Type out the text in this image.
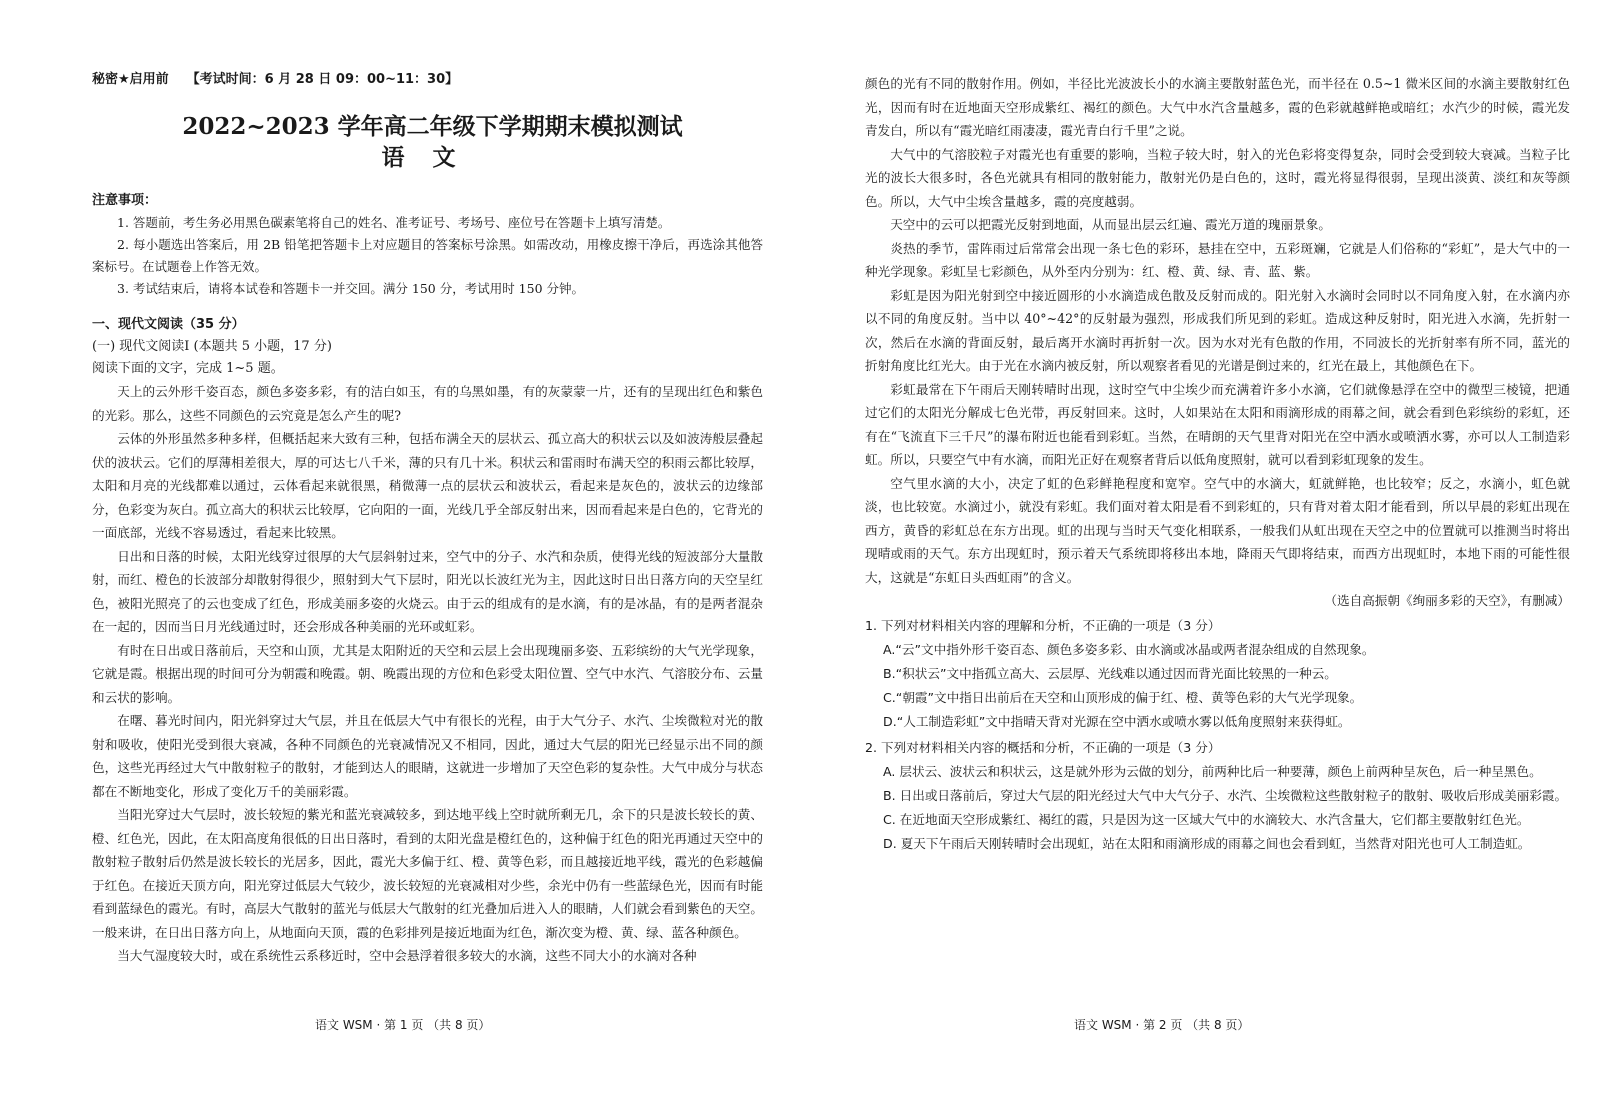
秘密★启用前 【考试时间：6 月 28 日 09：00~11：30】
2022~2023 学年高二年级下学期期末模拟测试
语文
注意事项：
1. 答题前，考生务必用黑色碳素笔将自己的姓名、准考证号、考场号、座位号在答题卡上填写清楚。
2. 每小题选出答案后，用 2B 铅笔把答题卡上对应题目的答案标号涂黑。如需改动，用橡皮擦干净后，再选涂其他答案标号。在试题卷上作答无效。
3. 考试结束后，请将本试卷和答题卡一并交回。满分 150 分，考试用时 150 分钟。
一、现代文阅读（35 分）
(一) 现代文阅读Ⅰ (本题共 5 小题，17 分)
阅读下面的文字，完成 1~5 题。

天上的云外形千姿百态，颜色多姿多彩，有的洁白如玉，有的乌黑如墨，有的灰蒙蒙一片，还有的呈现出红色和紫色的光彩。那么，这些不同颜色的云究竟是怎么产生的呢?

云体的外形虽然多种多样，但概括起来大致有三种，包括布满全天的层状云、孤立高大的积状云以及如波涛般层叠起伏的波状云。它们的厚薄相差很大，厚的可达七八千米，薄的只有几十米。积状云和雷雨时布满天空的积雨云都比较厚，太阳和月亮的光线都难以通过，云体看起来就很黑，稍微薄一点的层状云和波状云，看起来是灰色的，波状云的边缘部分，色彩变为灰白。孤立高大的积状云比较厚，它向阳的一面，光线几乎全部反射出来，因而看起来是白色的，它背光的一面底部，光线不容易透过，看起来比较黑。

日出和日落的时候，太阳光线穿过很厚的大气层斜射过来，空气中的分子、水汽和杂质，使得光线的短波部分大量散射，而红、橙色的长波部分却散射得很少，照射到大气下层时，阳光以长波红光为主，因此这时日出日落方向的天空呈红色，被阳光照亮了的云也变成了红色，形成美丽多姿的火烧云。由于云的组成有的是水滴，有的是冰晶，有的是两者混杂在一起的，因而当日月光线通过时，还会形成各种美丽的光环或虹彩。

有时在日出或日落前后，天空和山顶，尤其是太阳附近的天空和云层上会出现瑰丽多姿、五彩缤纷的大气光学现象，它就是霞。根据出现的时间可分为朝霞和晚霞。朝、晚霞出现的方位和色彩受太阳位置、空气中水汽、气溶胶分布、云量和云状的影响。

在曙、暮光时间内，阳光斜穿过大气层，并且在低层大气中有很长的光程，由于大气分子、水汽、尘埃微粒对光的散射和吸收，使阳光受到很大衰减，各种不同颜色的光衰减情况又不相同，因此，通过大气层的阳光已经显示出不同的颜色，这些光再经过大气中散射粒子的散射，才能到达人的眼睛，这就进一步增加了天空色彩的复杂性。大气中成分与状态都在不断地变化，形成了变化万千的美丽彩霞。

当阳光穿过大气层时，波长较短的紫光和蓝光衰减较多，到达地平线上空时就所剩无几，余下的只是波长较长的黄、橙、红色光，因此，在太阳高度角很低的日出日落时，看到的太阳光盘是橙红色的，这种偏于红色的阳光再通过天空中的散射粒子散射后仍然是波长较长的光居多，因此，霞光大多偏于红、橙、黄等色彩，而且越接近地平线，霞光的色彩越偏于红色。在接近天顶方向，阳光穿过低层大气较少，波长较短的光衰减相对少些，余光中仍有一些蓝绿色光，因而有时能看到蓝绿色的霞光。有时，高层大气散射的蓝光与低层大气散射的红光叠加后进入人的眼睛，人们就会看到紫色的天空。一般来讲，在日出日落方向上，从地面向天顶，霞的色彩排列是接近地面为红色，渐次变为橙、黄、绿、蓝各种颜色。

当大气湿度较大时，或在系统性云系移近时，空中会悬浮着很多较大的水滴，这些不同大小的水滴对各种

语文 WSM · 第 1 页 （共 8 页）

颜色的光有不同的散射作用。例如，半径比光波波长小的水滴主要散射蓝色光，而半径在 0.5~1 微米区间的水滴主要散射红色光，因而有时在近地面天空形成紫红、褐红的颜色。大气中水汽含量越多，霞的色彩就越鲜艳或暗红；水汽少的时候，霞光发青发白，所以有“霞光暗红雨凄凄，霞光青白行千里”之说。

大气中的气溶胶粒子对霞光也有重要的影响，当粒子较大时，射入的光色彩将变得复杂，同时会受到较大衰减。当粒子比光的波长大很多时，各色光就具有相同的散射能力，散射光仍是白色的，这时，霞光将显得很弱，呈现出淡黄、淡红和灰等颜色。所以，大气中尘埃含量越多，霞的亮度越弱。

天空中的云可以把霞光反射到地面，从而显出层云红遍、霞光万道的瑰丽景象。

炎热的季节，雷阵雨过后常常会出现一条七色的彩环，悬挂在空中，五彩斑斓，它就是人们俗称的“彩虹”，是大气中的一种光学现象。彩虹呈七彩颜色，从外至内分别为：红、橙、黄、绿、青、蓝、紫。

彩虹是因为阳光射到空中接近圆形的小水滴造成色散及反射而成的。阳光射入水滴时会同时以不同角度入射，在水滴内亦以不同的角度反射。当中以 40°~42°的反射最为强烈，形成我们所见到的彩虹。造成这种反射时，阳光进入水滴，先折射一次，然后在水滴的背面反射，最后离开水滴时再折射一次。因为水对光有色散的作用，不同波长的光折射率有所不同，蓝光的折射角度比红光大。由于光在水滴内被反射，所以观察者看见的光谱是倒过来的，红光在最上，其他颜色在下。

彩虹最常在下午雨后天刚转晴时出现，这时空气中尘埃少而充满着许多小水滴，它们就像悬浮在空中的微型三棱镜，把通过它们的太阳光分解成七色光带，再反射回来。这时，人如果站在太阳和雨滴形成的雨幕之间，就会看到色彩缤纷的彩虹，还有在“飞流直下三千尺”的瀑布附近也能看到彩虹。当然，在晴朗的天气里背对阳光在空中洒水或喷洒水雾，亦可以人工制造彩虹。所以，只要空气中有水滴，而阳光正好在观察者背后以低角度照射，就可以看到彩虹现象的发生。

空气里水滴的大小，决定了虹的色彩鲜艳程度和宽窄。空气中的水滴大，虹就鲜艳，也比较窄；反之，水滴小，虹色就淡，也比较宽。水滴过小，就没有彩虹。我们面对着太阳是看不到彩虹的，只有背对着太阳才能看到，所以早晨的彩虹出现在西方，黄昏的彩虹总在东方出现。虹的出现与当时天气变化相联系，一般我们从虹出现在天空之中的位置就可以推测当时将出现晴或雨的天气。东方出现虹时，预示着天气系统即将移出本地，降雨天气即将结束，而西方出现虹时，本地下雨的可能性很大，这就是“东虹日头西虹雨”的含义。

（选自高振朝《绚丽多彩的天空》，有删减）
1. 下列对材料相关内容的理解和分析，不正确的一项是（3 分）
A.“云”文中指外形千姿百态、颜色多姿多彩、由水滴或冰晶或两者混杂组成的自然现象。
B.“积状云”文中指孤立高大、云层厚、光线难以通过因而背光面比较黑的一种云。
C.“朝霞”文中指日出前后在天空和山顶形成的偏于红、橙、黄等色彩的大气光学现象。
D.“人工制造彩虹”文中指晴天背对光源在空中洒水或喷水雾以低角度照射来获得虹。
2. 下列对材料相关内容的概括和分析，不正确的一项是（3 分）
A. 层状云、波状云和积状云，这是就外形为云做的划分，前两种比后一种要薄，颜色上前两种呈灰色，后一种呈黑色。
B. 日出或日落前后，穿过大气层的阳光经过大气中大气分子、水汽、尘埃微粒这些散射粒子的散射、吸收后形成美丽彩霞。
C. 在近地面天空形成紫红、褐红的霞，只是因为这一区域大气中的水滴较大、水汽含量大，它们都主要散射红色光。
D. 夏天下午雨后天刚转晴时会出现虹，站在太阳和雨滴形成的雨幕之间也会看到虹，当然背对阳光也可人工制造虹。
语文 WSM · 第 2 页 （共 8 页）
